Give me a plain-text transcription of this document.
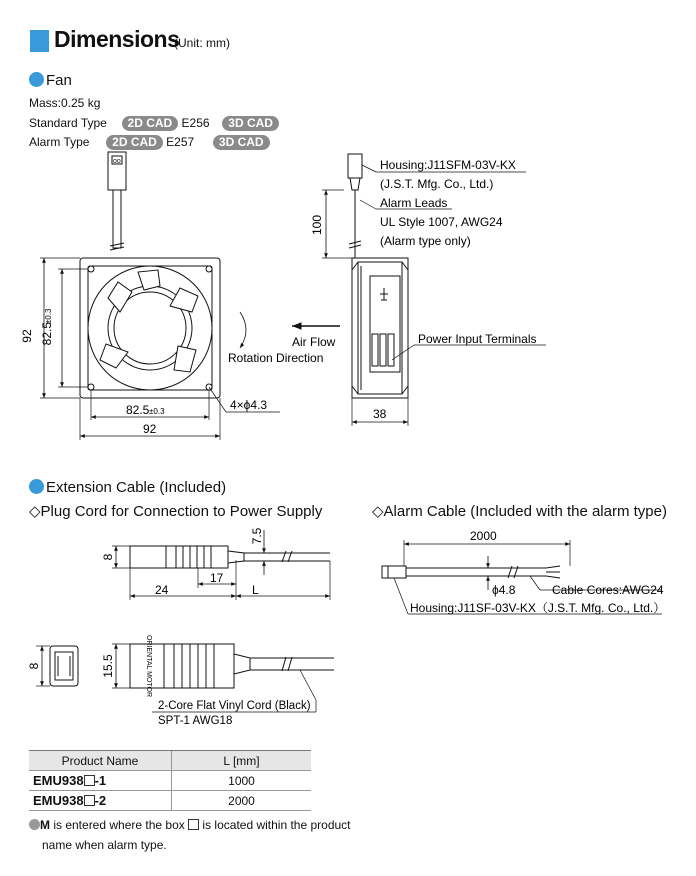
Dimensions
(Unit: mm)
Fan
Mass:0.25 kg
Standard Type 2D CAD E256 3D CAD
Alarm Type 2D CAD E257 3D CAD
oo
92 82.5
±0.3
82.5 ±0.3
92
4×ϕ4.3
Rotation Direction
100
Housing:J11SFM-03V-KX
(J.S.T. Mfg. Co., Ltd.)
Alarm Leads
UL Style 1007, AWG24
(Alarm type only)
Air Flow	Power Input Terminals
38
8
7.5
17
24	L
8	ORIENTAL MOTOR
15.5
2-Core Flat Vinyl Cord (Black)
SPT-1 AWG18
2000
ϕ4.8	Cable Cores:AWG24
Housing:J11SF-03V-KX（J.S.T. Mfg. Co., Ltd.）
Extension Cable (Included)
◇Plug Cord for Connection to Power Supply	◇Alarm Cable (Included with the alarm type)
Product Name	L [mm]
EMU938 -1	1000
EMU938 -2	2000
M is entered where the box  is located within the product
name when alarm type.
